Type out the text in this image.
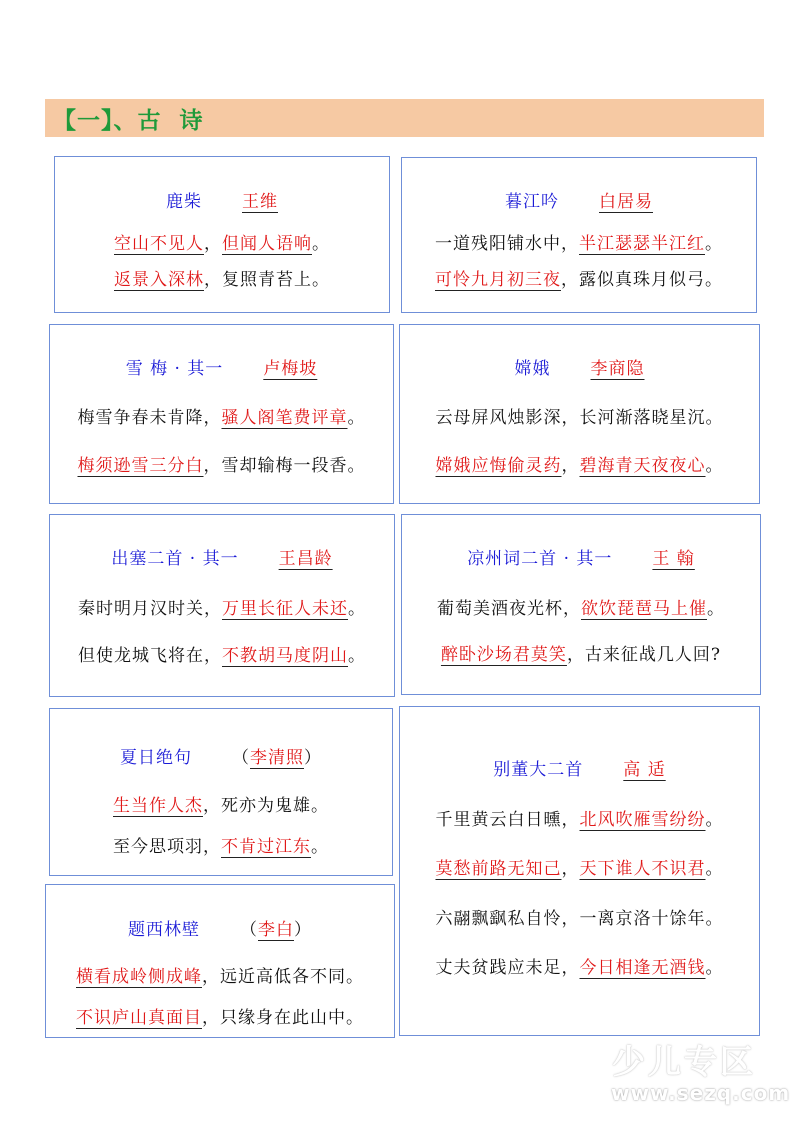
【一】、古  诗
鹿柴 王维
空山不见人，但闻人语响。
返景入深林，复照青苔上。
暮江吟 白居易
一道残阳铺水中，半江瑟瑟半江红。
可怜九月初三夜，露似真珠月似弓。
雪 梅 · 其一 卢梅坡
梅雪争春未肯降，骚人阁笔费评章。
梅须逊雪三分白，雪却输梅一段香。
嫦娥 李商隐
云母屏风烛影深，长河渐落晓星沉。
嫦娥应悔偷灵药，碧海青天夜夜心。
出塞二首 · 其一 王昌龄
秦时明月汉时关，万里长征人未还。
但使龙城飞将在，不教胡马度阴山。
凉州词二首 · 其一 王 翰
葡萄美酒夜光杯，欲饮琵琶马上催。
醉卧沙场君莫笑，古来征战几人回?
夏日绝句 （李清照）
生当作人杰，死亦为鬼雄。
至今思项羽，不肯过江东。
题西林壁 （李白）
横看成岭侧成峰，远近高低各不同。
不识庐山真面目，只缘身在此山中。
别董大二首 高 适
千里黄云白日曛，北风吹雁雪纷纷。
莫愁前路无知己，天下谁人不识君。
六翮飘飖私自怜，一离京洛十馀年。
丈夫贫践应未足，今日相逢无酒钱。
少儿专区
www.sezq.com
